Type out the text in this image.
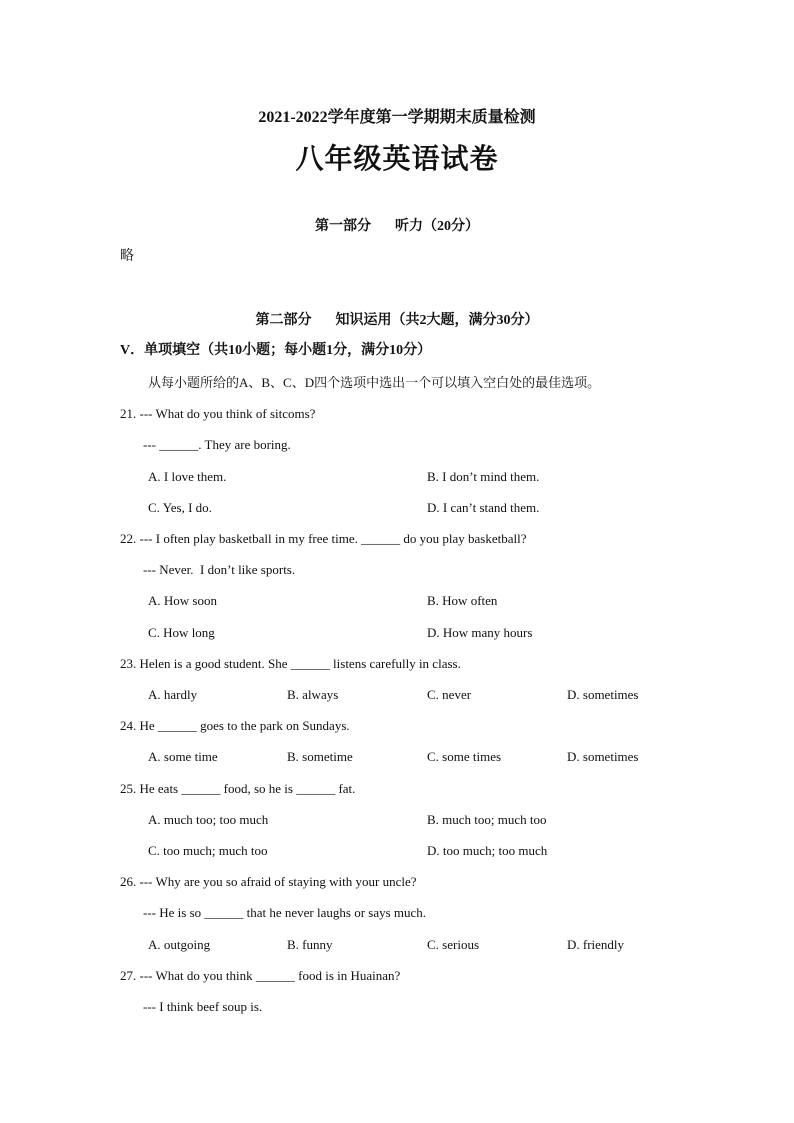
2021-2022学年度第一学期期末质量检测
八年级英语试卷
第一部分 听力（20分）
略
第二部分 知识运用（共2大题，满分30分）
V．单项填空（共10小题；每小题1分，满分10分）
从每小题所给的A、B、C、D四个选项中选出一个可以填入空白处的最佳选项。
21. --- What do you think of sitcoms?
--- ______. They are boring.
A. I love them.	B. I don’t mind them.
C. Yes, I do.	D. I can’t stand them.
22. --- I often play basketball in my free time. ______ do you play basketball?
--- Never.  I don’t like sports.
A. How soon	B. How often
C. How long	D. How many hours
23. Helen is a good student. She ______ listens carefully in class.
A. hardly	B. always	C. never	D. sometimes
24. He ______ goes to the park on Sundays.
A. some time	B. sometime	C. some times	D. sometimes
25. He eats ______ food, so he is ______ fat.
A. much too; too much	B. much too; much too
C. too much; much too	D. too much; too much
26. --- Why are you so afraid of staying with your uncle?
--- He is so ______ that he never laughs or says much.
A. outgoing	B. funny	C. serious	D. friendly
27. --- What do you think ______ food is in Huainan?
--- I think beef soup is.
